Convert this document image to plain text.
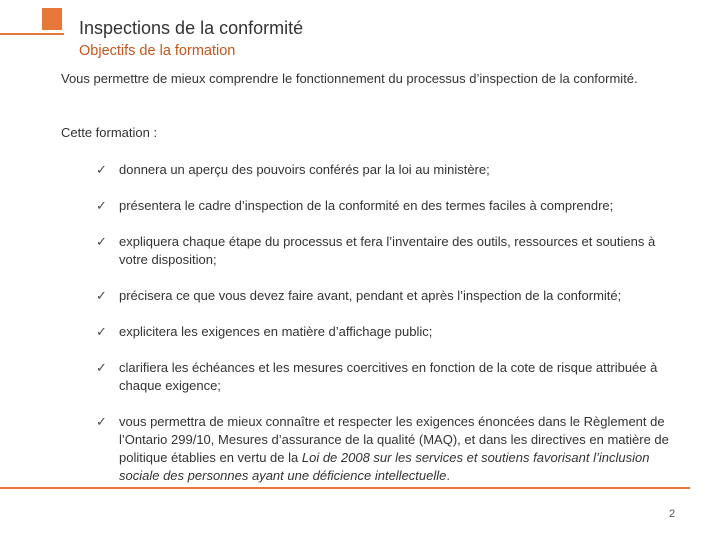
Inspections de la conformité
Objectifs de la formation
Vous permettre de mieux comprendre le fonctionnement du processus d’inspection de la conformité.
Cette formation :
✓ donnera un aperçu des pouvoirs conférés par la loi au ministère;
✓ présentera le cadre d’inspection de la conformité en des termes faciles à comprendre;
✓ expliquera chaque étape du processus et fera l’inventaire des outils, ressources et soutiens à votre disposition;
✓ précisera ce que vous devez faire avant, pendant et après l’inspection de la conformité;
✓ explicitera les exigences en matière d’affichage public;
✓ clarifiera les échéances et les mesures coercitives en fonction de la cote de risque attribuée à chaque exigence;
✓ vous permettra de mieux connaître et respecter les exigences énoncées dans le Règlement de l’Ontario 299/10, Mesures d’assurance de la qualité (MAQ), et dans les directives en matière de politique établies en vertu de la Loi de 2008 sur les services et soutiens favorisant l’inclusion sociale des personnes ayant une déficience intellectuelle.
2
